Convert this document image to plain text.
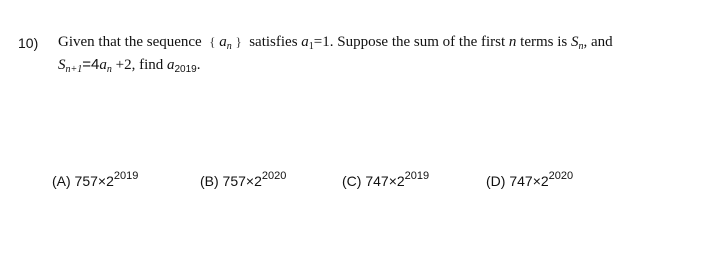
10) Given that the sequence { $a_n$ } satisfies $a_1=1$. Suppose the sum of the first n terms is $S_n$, and
$S_{n+1}=4a_n +2$, find $a_{2019}$.
(A) $757\times 2^{2019}$	(B) $757\times 2^{2020}$	(C) $747\times 2^{2019}$	(D) $747\times 2^{2020}$
